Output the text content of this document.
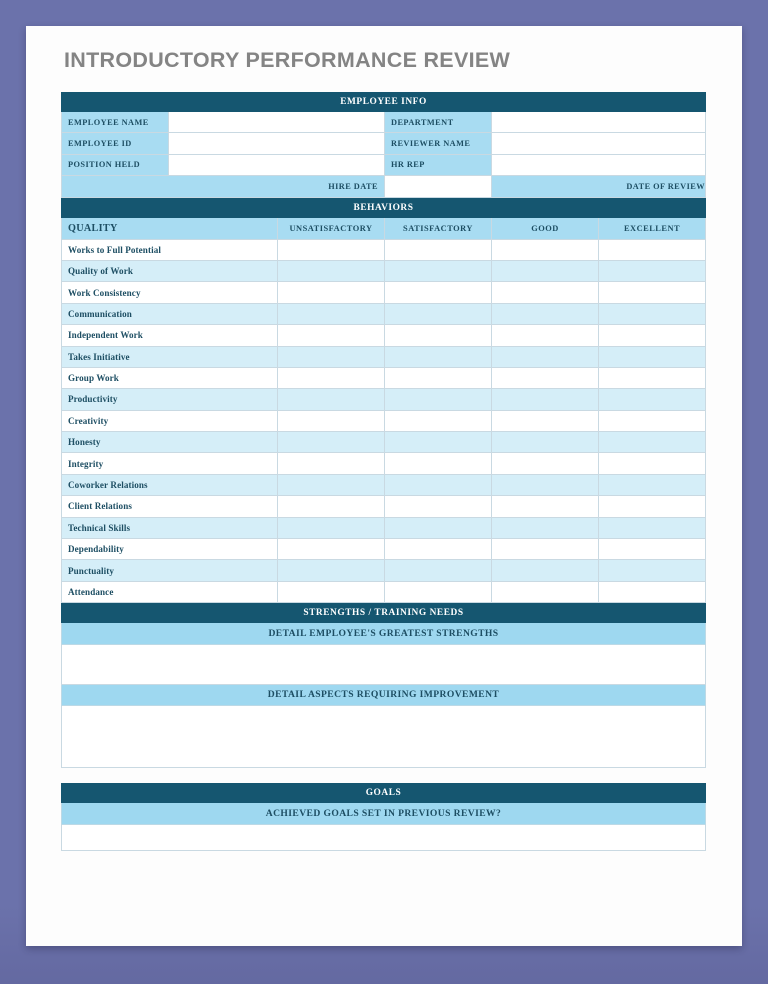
INTRODUCTORY PERFORMANCE REVIEW
EMPLOYEE INFO			
EMPLOYEE NAME		DEPARTMENT	
EMPLOYEE ID		REVIEWER NAME	
POSITION HELD		HR REP	
HIRE DATE			DATE OF REVIEW
BEHAVIORS				
QUALITY	UNSATISFACTORY	SATISFACTORY	GOOD	EXCELLENT
Works to Full Potential				
Quality of Work				
Work Consistency				
Communication				
Independent Work				
Takes Initiative				
Group Work				
Productivity				
Creativity				
Honesty				
Integrity				
Coworker Relations				
Client Relations				
Technical Skills				
Dependability				
Punctuality				
Attendance				
STRENGTHS / TRAINING NEEDS
DETAIL EMPLOYEE'S GREATEST STRENGTHS

DETAIL ASPECTS REQUIRING IMPROVEMENT

GOALS
ACHIEVED GOALS SET IN PREVIOUS REVIEW?
